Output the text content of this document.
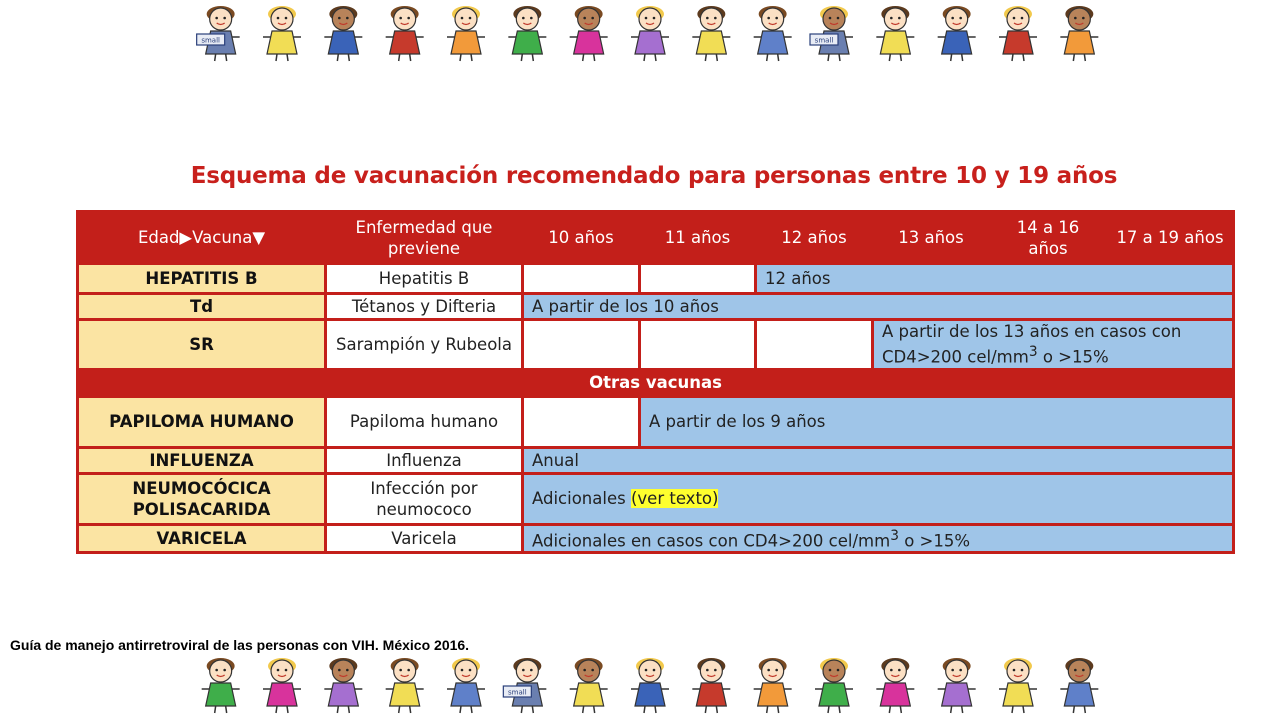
small	small
Esquema de vacunación recomendado para personas entre 10 y 19 años
Edad▶Vacuna▼	Enfermedad que previene	10 años	11 años	12 años	13 años	14 a 16 años	17 a 19 años
HEPATITIS B	Hepatitis B			12 años			
Td	Tétanos y Difteria	A partir de los 10 años					
SR	Sarampión y Rubeola				A partir de los 13 años en casos con CD4>200 cel/$mm^3$ o >15%		
Otras vacunas							
PAPILOMA HUMANO	Papiloma humano		A partir de los 9 años				
INFLUENZA	Influenza	Anual					
NEUMOCÓCICA POLISACARIDA	Infección por neumococo	Adicionales (ver texto)					
VARICELA	Varicela	Adicionales en casos con CD4>200 cel/$mm^3$ o >15%					
Guía de manejo antirretroviral de las personas con VIH. México 2016.
small
